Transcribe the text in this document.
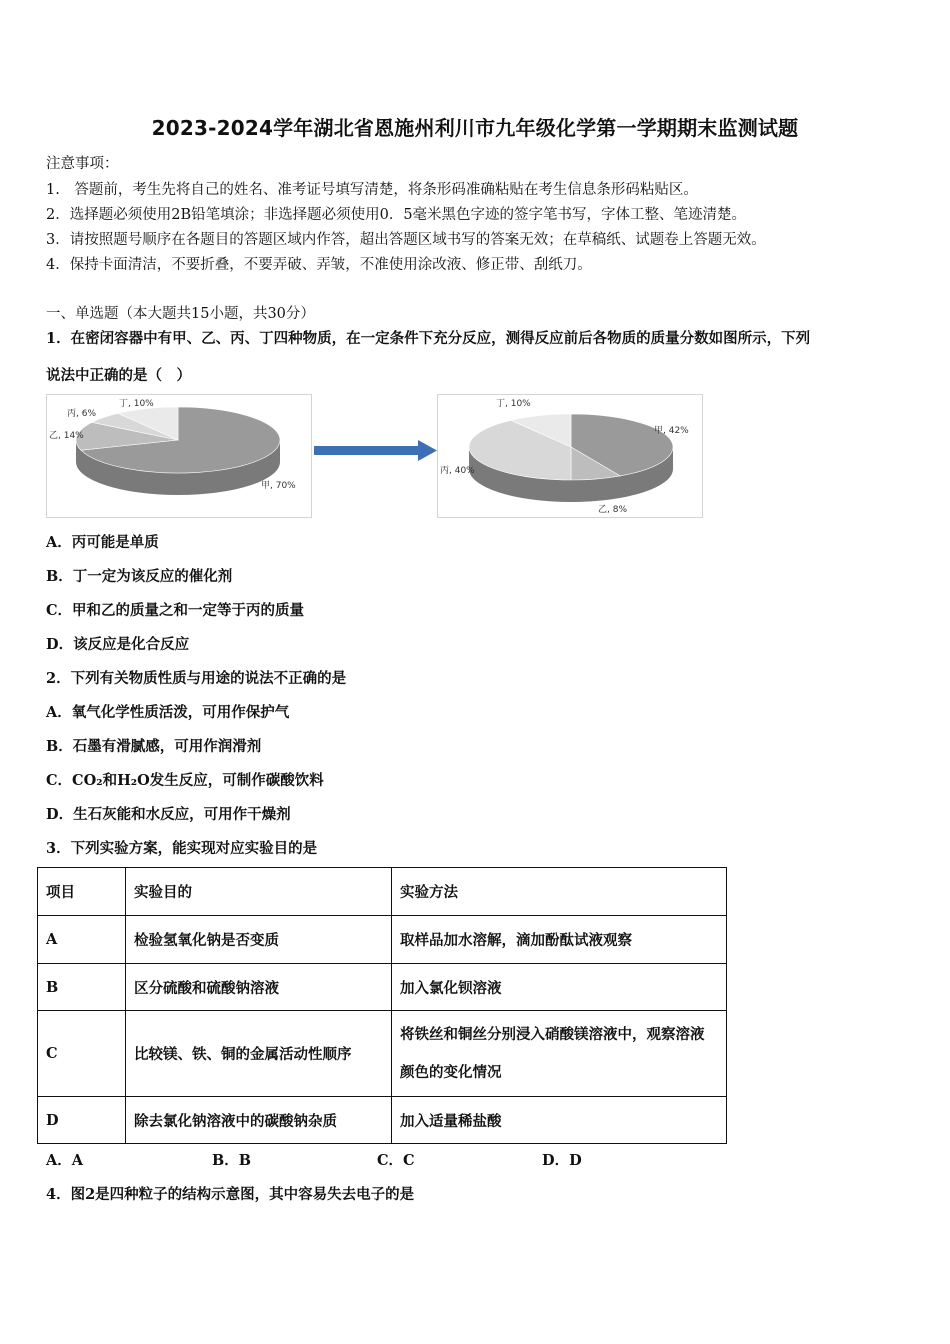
2023-2024学年湖北省恩施州利川市九年级化学第一学期期末监测试题
注意事项：
1.　答题前，考生先将自己的姓名、准考证号填写清楚，将条形码准确粘贴在考生信息条形码粘贴区。
2．选择题必须使用2B铅笔填涂；非选择题必须使用0．5毫米黑色字迹的签字笔书写，字体工整、笔迹清楚。
3．请按照题号顺序在各题目的答题区域内作答，超出答题区域书写的答案无效；在草稿纸、试题卷上答题无效。
4．保持卡面清洁，不要折叠，不要弄破、弄皱，不准使用涂改液、修正带、刮纸刀。
一、单选题（本大题共15小题，共30分）
1．在密闭容器中有甲、乙、丙、丁四种物质，在一定条件下充分反应，测得反应前后各物质的质量分数如图所示，下列
说法中正确的是（　）
甲, 70%
乙, 14%
丙, 6%
丁, 10%
甲, 42%
乙, 8%
丙, 40%
丁, 10%
A．丙可能是单质
B．丁一定为该反应的催化剂
C．甲和乙的质量之和一定等于丙的质量
D．该反应是化合反应
2．下列有关物质性质与用途的说法不正确的是
A．氧气化学性质活泼，可用作保护气
B．石墨有滑腻感，可用作润滑剂
C．CO₂和H₂O发生反应，可制作碳酸饮料
D．生石灰能和水反应，可用作干燥剂
3．下列实验方案，能实现对应实验目的是
项目	实验目的	实验方法
A	检验氢氧化钠是否变质	取样品加水溶解，滴加酚酞试液观察
B	区分硫酸和硫酸钠溶液	加入氯化钡溶液
C	比较镁、铁、铜的金属活动性顺序	将铁丝和铜丝分别浸入硝酸镁溶液中，观察溶液颜色的变化情况
D	除去氯化钠溶液中的碳酸钠杂质	加入适量稀盐酸
A．A	B．B	C．C	D．D
4．图2是四种粒子的结构示意图，其中容易失去电子的是
